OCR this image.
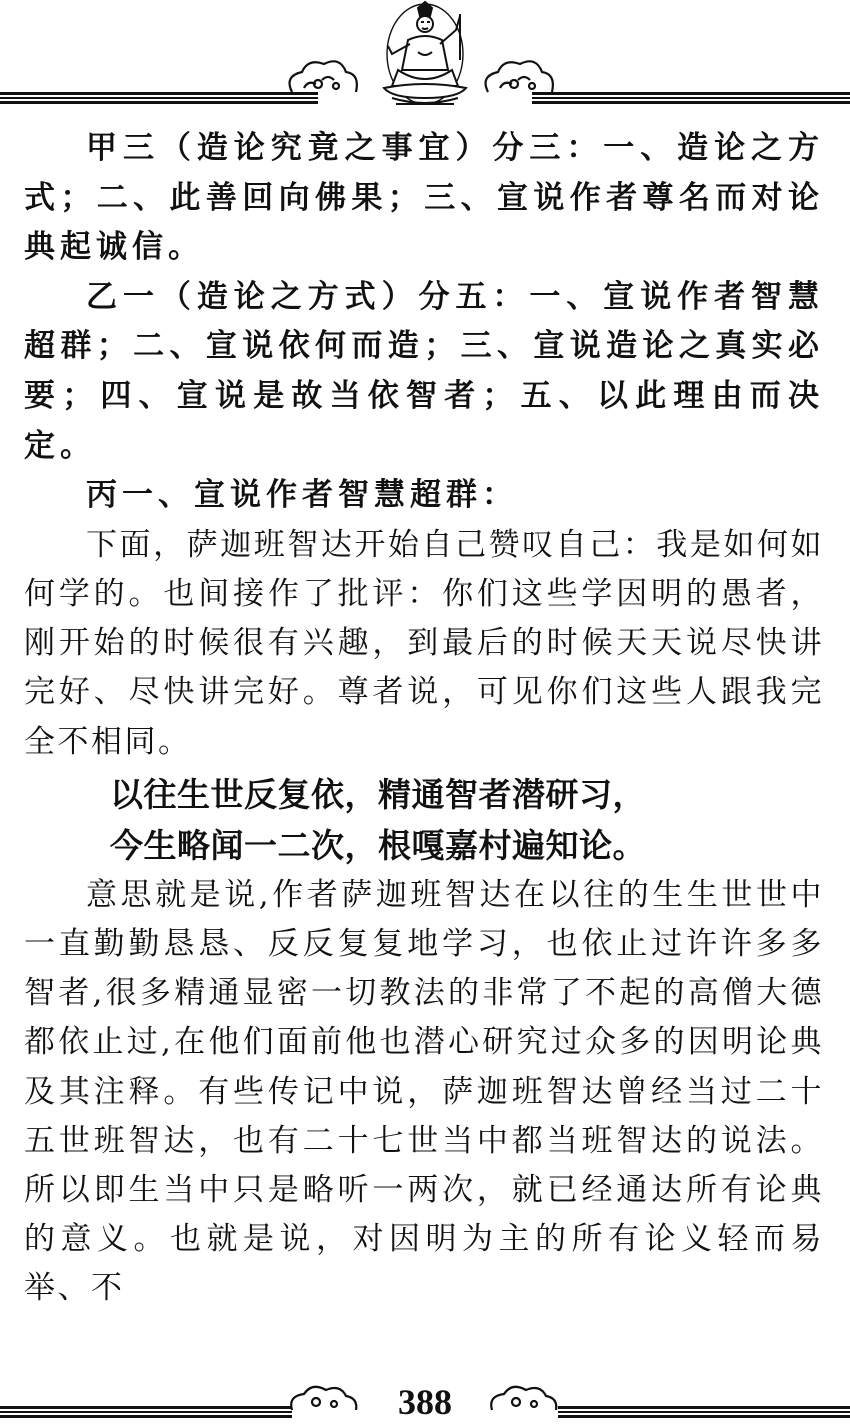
甲三（造论究竟之事宜）分三：一、造论之方式；二、此善回向佛果；三、宣说作者尊名而对论典起诚信。

乙一（造论之方式）分五：一、宣说作者智慧超群；二、宣说依何而造；三、宣说造论之真实必要；四、宣说是故当依智者；五、以此理由而决定。

丙一、宣说作者智慧超群：

下面，萨迦班智达开始自己赞叹自己：我是如何如何学的。也间接作了批评：你们这些学因明的愚者，刚开始的时候很有兴趣，到最后的时候天天说尽快讲完好、尽快讲完好。尊者说，可见你们这些人跟我完全不相同。

以往生世反复依，精通智者潜研习，
今生略闻一二次，根嘎嘉村遍知论。

意思就是说,作者萨迦班智达在以往的生生世世中一直勤勤恳恳、反反复复地学习，也依止过许许多多智者,很多精通显密一切教法的非常了不起的高僧大德都依止过,在他们面前他也潜心研究过众多的因明论典及其注释。有些传记中说，萨迦班智达曾经当过二十五世班智达，也有二十七世当中都当班智达的说法。所以即生当中只是略听一两次，就已经通达所有论典的意义。也就是说，对因明为主的所有论义轻而易举、不

388
